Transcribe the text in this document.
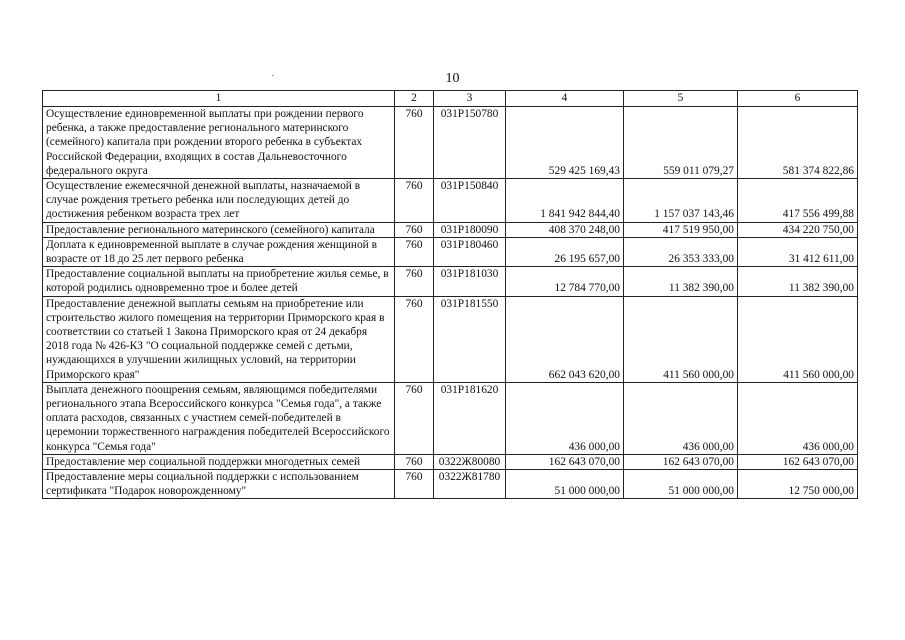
10
1	2	3	4	5	6
Осуществление единовременной выплаты при рождении первого ребенка, а также предоставление регионального материнского (семейного) капитала при рождении второго ребенка в субъектах Российской Федерации, входящих в состав Дальневосточного федерального округа	760	031P150780	529 425 169,43	559 011 079,27	581 374 822,86
Осуществление ежемесячной денежной выплаты, назначаемой в случае рождения третьего ребенка или последующих детей до достижения ребенком возраста трех лет	760	031P150840	1 841 942 844,40	1 157 037 143,46	417 556 499,88
Предоставление регионального материнского (семейного) капитала	760	031P180090	408 370 248,00	417 519 950,00	434 220 750,00
Доплата к единовременной выплате в случае рождения женщиной в возрасте от 18 до 25 лет первого ребенка	760	031P180460	26 195 657,00	26 353 333,00	31 412 611,00
Предоставление социальной выплаты на приобретение жилья семье, в которой родились одновременно трое и более детей	760	031P181030	12 784 770,00	11 382 390,00	11 382 390,00
Предоставление денежной выплаты семьям на приобретение или строительство жилого помещения на территории Приморского края в соответствии со статьей 1 Закона Приморского края от 24 декабря 2018 года № 426-КЗ "О социальной поддержке семей с детьми, нуждающихся в улучшении жилищных условий, на территории Приморского края"	760	031P181550	662 043 620,00	411 560 000,00	411 560 000,00
Выплата денежного поощрения семьям, являющимся победителями регионального этапа Всероссийского конкурса "Семья года", а также оплата расходов, связанных с участием семей-победителей в церемонии торжественного награждения победителей Всероссийского конкурса "Семья года"	760	031P181620	436 000,00	436 000,00	436 000,00
Предоставление мер социальной поддержки многодетных семей	760	0322Ж80080	162 643 070,00	162 643 070,00	162 643 070,00
Предоставление меры социальной поддержки с использованием сертификата "Подарок новорожденному"	760	0322Ж81780	51 000 000,00	51 000 000,00	12 750 000,00
